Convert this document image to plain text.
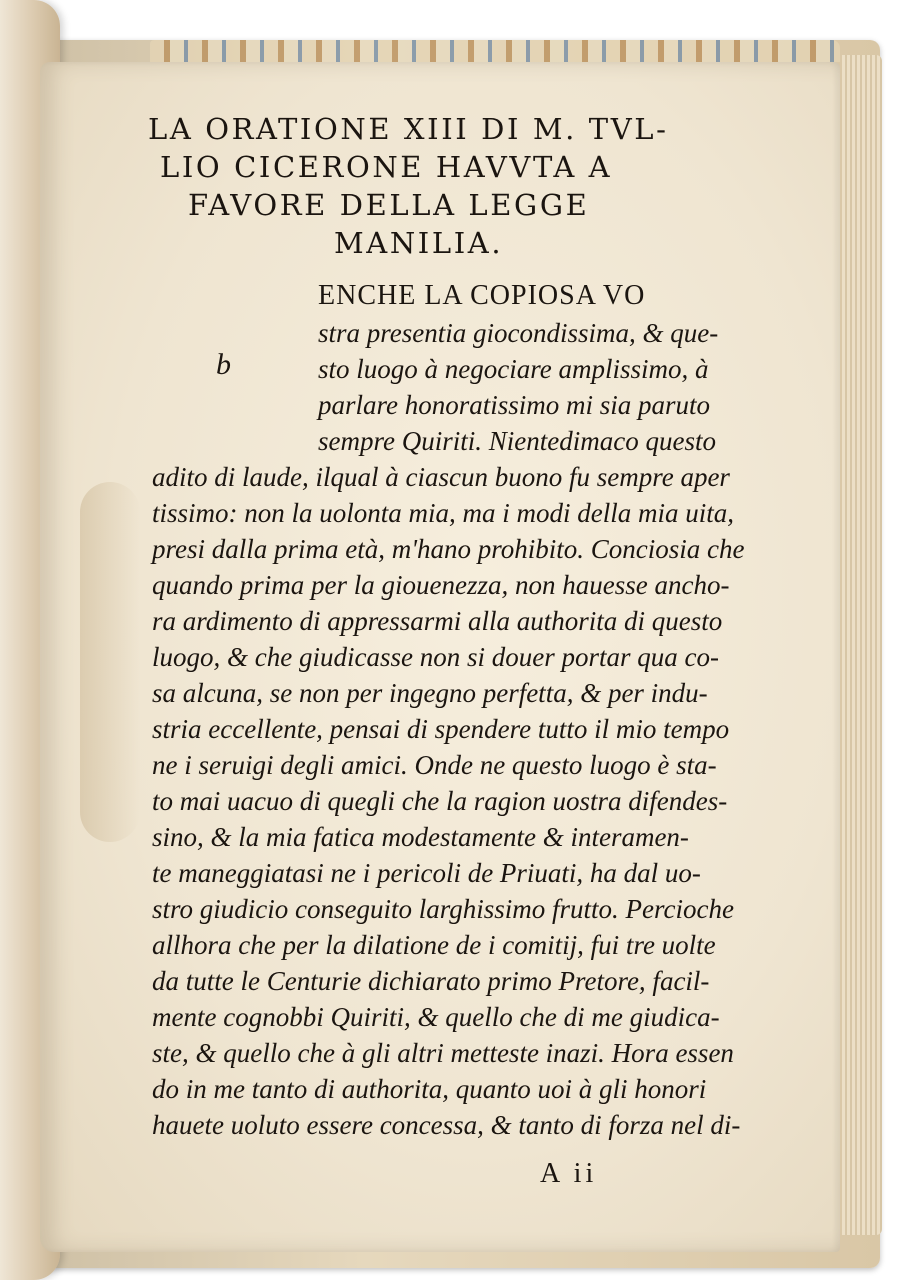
LA ORATIONE XIII DI M. TVL-
LIO CICERONE HAVVTA A
FAVORE DELLA LEGGE
MANILIA.
ENCHE LA COPIOSA VO
b
stra presentia giocondissima, & que-
sto luogo à negociare amplissimo, à
parlare honoratissimo mi sia paruto
sempre Quiriti. Nientedimaco questo
adito di laude, ilqual à ciascun buono fu sempre aper
tissimo: non la uolonta mia, ma i modi della mia uita,
presi dalla prima età, m'hano prohibito. Conciosia che
quando prima per la giouenezza, non hauesse ancho-
ra ardimento di appressarmi alla authorita di questo
luogo, & che giudicasse non si douer portar qua co-
sa alcuna, se non per ingegno perfetta, & per indu-
stria eccellente, pensai di spendere tutto il mio tempo
ne i seruigi degli amici. Onde ne questo luogo è sta-
to mai uacuo di quegli che la ragion uostra difendes-
sino, & la mia fatica modestamente & interamen-
te maneggiatasi ne i pericoli de Priuati, ha dal uo-
stro giudicio conseguito larghissimo frutto. Percioche
allhora che per la dilatione de i comitij, fui tre uolte
da tutte le Centurie dichiarato primo Pretore, facil-
mente cognobbi Quiriti, & quello che di me giudica-
ste, & quello che à gli altri metteste inazi. Hora essen
do in me tanto di authorita, quanto uoi à gli honori
hauete uoluto essere concessa, & tanto di forza nel di-
A ii
